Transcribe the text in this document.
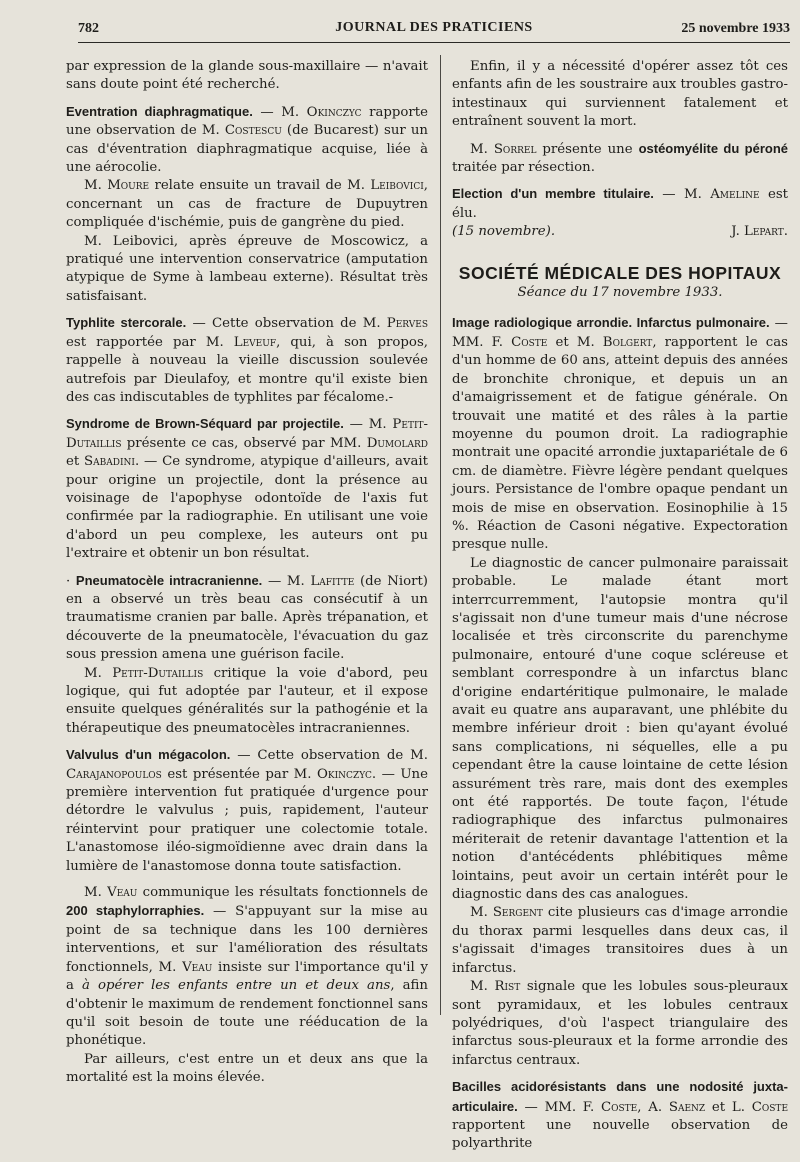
782	JOURNAL DES PRATICIENS	25 novembre 1933

par expression de la glande sous-maxillaire — n'avait sans doute point été recherché.

Eventration diaphragmatique. — M. Okinczyc rapporte une observation de M. Costescu (de Bucarest) sur un cas d'éventration diaphragmatique acquise, liée à une aérocolie.

M. Moure relate ensuite un travail de M. Leibovici, concernant un cas de fracture de Dupuytren compliquée d'ischémie, puis de gangrène du pied.

M. Leibovici, après épreuve de Moscowicz, a pratiqué une intervention conservatrice (amputation atypique de Syme à lambeau externe). Résultat très satisfaisant.

Typhlite stercorale. — Cette observation de M. Perves est rapportée par M. Leveuf, qui, à son propos, rappelle à nouveau la vieille discussion soulevée autrefois par Dieulafoy, et montre qu'il existe bien des cas indiscutables de typhlites par fécalome.-

Syndrome de Brown-Séquard par projectile. — M. Petit-Dutaillis présente ce cas, observé par MM. Dumolard et Sabadini. — Ce syndrome, atypique d'ailleurs, avait pour origine un projectile, dont la présence au voisinage de l'apophyse odontoïde de l'axis fut confirmée par la radiographie. En utilisant une voie d'abord un peu complexe, les auteurs ont pu l'extraire et obtenir un bon résultat.

· Pneumatocèle intracranienne. — M. Lafitte (de Niort) en a observé un très beau cas consécutif à un traumatisme cranien par balle. Après trépanation, et découverte de la pneumatocèle, l'évacuation du gaz sous pression amena une guérison facile.

M. Petit-Dutaillis critique la voie d'abord, peu logique, qui fut adoptée par l'auteur, et il expose ensuite quelques généralités sur la pathogénie et la thérapeutique des pneumatocèles intracraniennes.

Valvulus d'un mégacolon. — Cette observation de M. Carajanopoulos est présentée par M. Okinczyc. — Une première intervention fut pratiquée d'urgence pour détordre le valvulus ; puis, rapidement, l'auteur réintervint pour pratiquer une colectomie totale. L'anastomose iléo-sigmoïdienne avec drain dans la lumière de l'anastomose donna toute satisfaction.

M. Veau communique les résultats fonctionnels de 200 staphylorraphies. — S'appuyant sur la mise au point de sa technique dans les 100 dernières interventions, et sur l'amélioration des résultats fonctionnels, M. Veau insiste sur l'importance qu'il y a à opérer les enfants entre un et deux ans, afin d'obtenir le maximum de rendement fonctionnel sans qu'il soit besoin de toute une rééducation de la phonétique.

Par ailleurs, c'est entre un et deux ans que la mortalité est la moins élevée.

Enfin, il y a nécessité d'opérer assez tôt ces enfants afin de les soustraire aux troubles gastro-intestinaux qui surviennent fatalement et entraînent souvent la mort.

M. Sorrel présente une ostéomyélite du péroné traitée par résection.

Election d'un membre titulaire. — M. Ameline est élu.

(15 novembre).	J. Lepart.
SOCIÉTÉ MÉDICALE DES HOPITAUX
Séance du 17 novembre 1933.

Image radiologique arrondie. Infarctus pulmonaire. — MM. F. Coste et M. Bolgert, rapportent le cas d'un homme de 60 ans, atteint depuis des années de bronchite chronique, et depuis un an d'amaigrissement et de fatigue générale. On trouvait une matité et des râles à la partie moyenne du poumon droit. La radiographie montrait une opacité arrondie juxtapariétale de 6 cm. de diamètre. Fièvre légère pendant quelques jours. Persistance de l'ombre opaque pendant un mois de mise en observation. Eosinophilie à 15 %. Réaction de Casoni négative. Expectoration presque nulle.

Le diagnostic de cancer pulmonaire paraissait probable. Le malade étant mort interrcurremment, l'autopsie montra qu'il s'agissait non d'une tumeur mais d'une nécrose localisée et très circonscrite du parenchyme pulmonaire, entouré d'une coque scléreuse et semblant correspondre à un infarctus blanc d'origine endartéritique pulmonaire, le malade avait eu quatre ans auparavant, une phlébite du membre inférieur droit : bien qu'ayant évolué sans complications, ni séquelles, elle a pu cependant être la cause lointaine de cette lésion assurément très rare, mais dont des exemples ont été rapportés. De toute façon, l'étude radiographique des infarctus pulmonaires mériterait de retenir davantage l'attention et la notion d'antécédents phlébitiques même lointains, peut avoir un certain intérêt pour le diagnostic dans des cas analogues.

M. Sergent cite plusieurs cas d'image arrondie du thorax parmi lesquelles dans deux cas, il s'agissait d'images transitoires dues à un infarctus.

M. Rist signale que les lobules sous-pleuraux sont pyramidaux, et les lobules centraux polyédriques, d'où l'aspect triangulaire des infarctus sous-pleuraux et la forme arrondie des infarctus centraux.

Bacilles acidorésistants dans une nodosité juxta-articulaire. — MM. F. Coste, A. Saenz et L. Coste rapportent une nouvelle observation de polyarthrite
